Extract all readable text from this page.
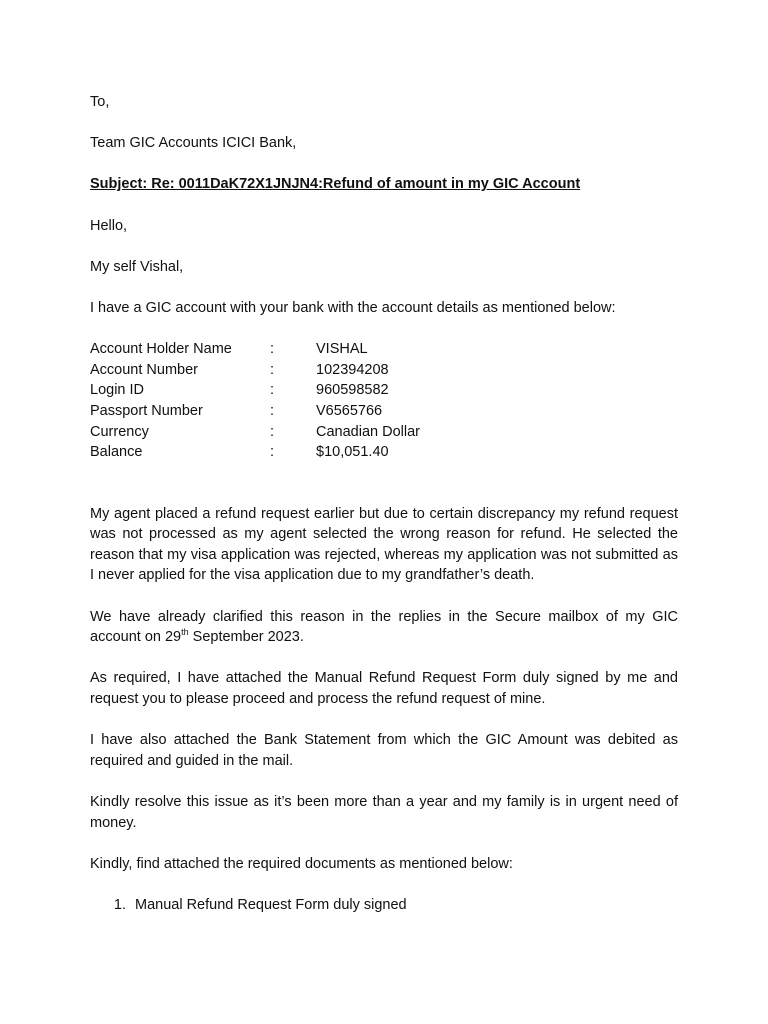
To,

Team GIC Accounts ICICI Bank,

Subject: Re: 0011DaK72X1JNJN4:Refund of amount in my GIC Account

Hello,

My self Vishal,

I have a GIC account with your bank with the account details as mentioned below:

Account Holder Name	:	VISHAL
Account Number	:	102394208
Login ID	:	960598582
Passport Number	:	V6565766
Currency	:	Canadian Dollar
Balance	:	$10,051.40

My agent placed a refund request earlier but due to certain discrepancy my refund request was not processed as my agent selected the wrong reason for refund. He selected the reason that my visa application was rejected, whereas my application was not submitted as I never applied for the visa application due to my grandfather’s death.

We have already clarified this reason in the replies in the Secure mailbox of my GIC account on 29th September 2023.

As required, I have attached the Manual Refund Request Form duly signed by me and request you to please proceed and process the refund request of mine.

I have also attached the Bank Statement from which the GIC Amount was debited as required and guided in the mail.

Kindly resolve this issue as it’s been more than a year and my family is in urgent need of money.

Kindly, find attached the required documents as mentioned below:

1. Manual Refund Request Form duly signed
